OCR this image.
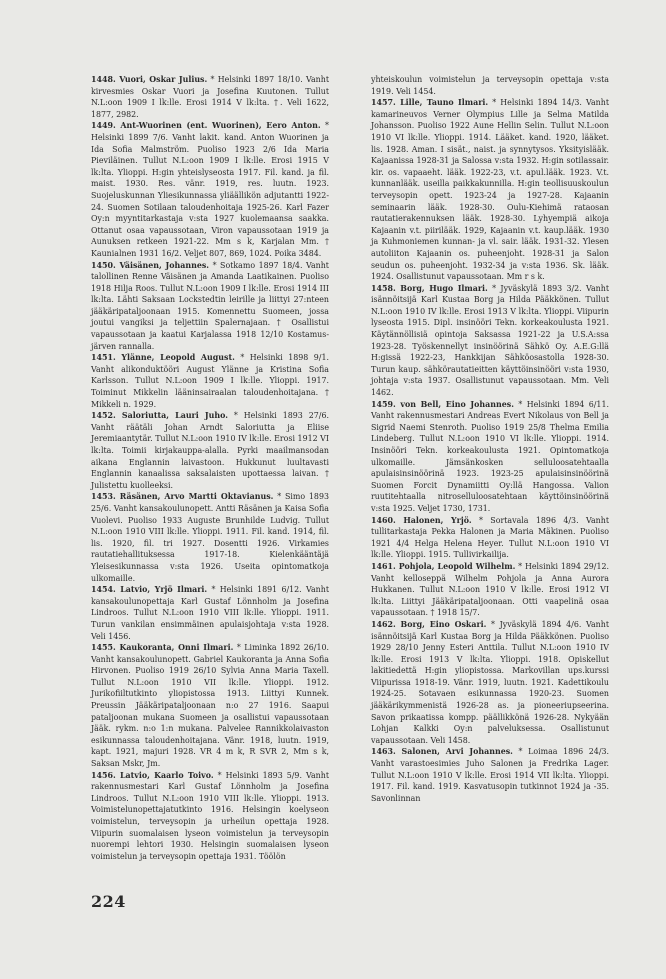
1448. Vuori, Oskar Julius. * Helsinki 1897 18/10. Vanht kirvesmies Oskar Vuori ja Josefina Kuutonen. Tullut N.L:oon 1909 I lk:lle. Erosi 1914 V lk:lta. †. Veli 1622, 1877, 2982.

1449. Ant-Wuorinen (ent. Wuorinen), Eero Anton. * Helsinki 1899 7/6. Vanht lakit. kand. Anton Wuorinen ja Ida Sofia Malmström. Puoliso 1923 2/6 Ida Maria Pieviläinen. Tullut N.L:oon 1909 I lk:lle. Erosi 1915 V lk:lta. Ylioppi. H:gin yhteislyseosta 1917. Fil. kand. ja fil. maist. 1930. Res. vänr. 1919, res. luutn. 1923. Suojeluskunnan Yliesikunnassa yliäällikön adjutantti 1922-24. Suomen Sotilaan taloudenhoitaja 1925-26. Karl Fazer Oy:n myyntitarkastaja v:sta 1927 kuolemaansa saakka. Ottanut osaa vapaussotaan, Viron vapaussotaan 1919 ja Aunuksen retkeen 1921-22. Mm s k, Karjalan Mm. † Kaunialnen 1931 16/2. Veljet 807, 869, 1024. Poika 3484.

1450. Väisänen, Johannes. * Sotkamo 1897 18/4. Vanht talollinen Renne Väisänen ja Amanda Laatikainen. Puoliso 1918 Hilja Roos. Tullut N.L:oon 1909 I lk:lle. Erosi 1914 III lk:lta. Lähti Saksaan Lockstedtin leirille ja liittyi 27:nteen jääkäripataljoonaan 1915. Komennettu Suomeen, jossa joutui vangiksi ja teljettiin Spalernajaan. † Osallistui vapaussotaan ja kaatui Karjalassa 1918 12/10 Kostamus-järven rannalla.

1451. Ylänne, Leopold August. * Helsinki 1898 9/1. Vanht alikonduktööri August Ylänne ja Kristina Sofia Karlsson. Tullut N.L:oon 1909 I lk:lle. Ylioppi. 1917. Toiminut Mikkelin lääninsairaalan taloudenhoitajana. † Mikkeli n. 1929.

1452. Saloriutta, Lauri Juho. * Helsinki 1893 27/6. Vanht räätäli Johan Arndt Saloriutta ja Eliise Jeremiaantytär. Tullut N.L:oon 1910 IV lk:lle. Erosi 1912 VI lk:lta. Toimii kirjakauppa-alalla. Pyrki maailmansodan aikana Englannin laivastoon. Hukkunut luultavasti Englannin kanaalissa saksalaisten upottaessa laivan. † Julistettu kuolleeksi.

1453. Räsänen, Arvo Martti Oktavianus. * Simo 1893 25/6. Vanht kansakoulunopett. Antti Räsänen ja Kaisa Sofia Vuolevi. Puoliso 1933 Auguste Brunhilde Ludvig. Tullut N.L:oon 1910 VIII lk:lle. Ylioppi. 1911. Fil. kand. 1914, fil. lis. 1920, fil. tri 1927. Dosentti 1926. Virkamies rautatiehallituksessa 1917-18. Kielenkääntäjä Yleisesikunnassa v:sta 1926. Useita opintomatkoja ulkomaille.

1454. Latvio, Yrjö Ilmari. * Helsinki 1891 6/12. Vanht kansakoulunopettaja Karl Gustaf Lönnholm ja Josefina Lindroos. Tullut N.L:oon 1910 VIII lk:lle. Ylioppi. 1911. Turun vankilan ensimmäinen apulaisjohtaja v:sta 1928. Veli 1456.

1455. Kaukoranta, Onni Ilmari. * Liminka 1892 26/10. Vanht kansakoulunopett. Gabriel Kaukoranta ja Anna Sofia Hirvonen. Puoliso 1919 26/10 Sylvia Anna Maria Taxell. Tullut N.L:oon 1910 VII lk:lle. Ylioppi. 1912. Jurikofiiltutkinto yliopistossa 1913. Liittyi Kunnek. Preussin Jääkäripataljoonaan n:o 27 1916. Saapui pataljoonan mukana Suomeen ja osallistui vapaussotaan Jääk. rykm. n:o 1:n mukana. Palvelee Rannikkolaivaston esikunnassa taloudenhoitajana. Vänr. 1918, luutn. 1919, kapt. 1921, majuri 1928. VR 4 m k, R SVR 2, Mm s k, Saksan Mskr, Jm.

1456. Latvio, Kaarlo Toivo. * Helsinki 1893 5/9. Vanht rakennusmestari Karl Gustaf Lönnholm ja Josefina Lindroos. Tullut N.L:oon 1910 VIII lk:lle. Ylioppi. 1913. Voimistelunopettajatutkinto 1916. Helsingin koelyseon voimistelun, terveysopin ja urheilun opettaja 1928. Viipurin suomalaisen lyseon voimistelun ja terveysopin nuorempi lehtori 1930. Helsingin suomalaisen lyseon voimistelun ja terveysopin opettaja 1931. Töölön

yhteiskoulun voimistelun ja terveysopin opettaja v:sta 1919. Veli 1454.

1457. Lille, Tauno Ilmari. * Helsinki 1894 14/3. Vanht kamarineuvos Verner Olympius Lille ja Selma Matilda Johansson. Puoliso 1922 Aune Hellin Selin. Tullut N.L:oon 1910 VI lk:lle. Ylioppi. 1914. Lääket. kand. 1920, lääket. lis. 1928. Aman. I sisät., naist. ja synnytysos. Yksityislääk. Kajaanissa 1928-31 ja Salossa v:sta 1932. H:gin sotilassair. kir. os. vapaaeht. lääk. 1922-23, v.t. apul.lääk. 1923. V.t. kunnanlääk. useilla paikkakunnilla. H:gin teollisuuskoulun terveysopin opett. 1923-24 ja 1927-28. Kajaanin seminaarin lääk. 1928-30. Oulu-Kiehimä rataosan rautatierakennuksen lääk. 1928-30. Lyhyempiä aikoja Kajaanin v.t. piirilääk. 1929, Kajaanin v.t. kaup.lääk. 1930 ja Kuhmoniemen kunnan- ja vl. sair. lääk. 1931-32. Ylesen autoliiton Kajaanin os. puheenjoht. 1928-31 ja Salon seudun os. puheenjoht. 1932-34 ja v:sta 1936. Sk. lääk. 1924. Osallistunut vapaussotaan. Mm r s k.

1458. Borg, Hugo Ilmari. * Jyväskylä 1893 3/2. Vanht isännöitsijä Karl Kustaa Borg ja Hilda Pääkkönen. Tullut N.L:oon 1910 IV lk:lle. Erosi 1913 V lk:lta. Ylioppi. Viipurin lyseosta 1915. Dipl. insinööri Tekn. korkeakoulusta 1921. Käytännöllisiä opintoja Saksassa 1921-22 ja U.S.A:ssa 1923-28. Työskennellyt insinöörinä Sähkö Oy. A.E.G:llä H:gissä 1922-23, Hankkijan Sähköosastolla 1928-30. Turun kaup. sähkörautatieitten käyttöinsinööri v:sta 1930, johtaja v:sta 1937. Osallistunut vapaussotaan. Mm. Veli 1462.

1459. von Bell, Eino Johannes. * Helsinki 1894 6/11. Vanht rakennusmestari Andreas Evert Nikolaus von Bell ja Sigrid Naemi Stenroth. Puoliso 1919 25/8 Thelma Emilia Lindeberg. Tullut N.L:oon 1910 VI lk:lle. Ylioppi. 1914. Insinööri Tekn. korkeakoulusta 1921. Opintomatkoja ulkomaille. Jämsänkosken selluloosatehtaalla apulaisinsinöörinä 1923. 1923-25 apulaisinsinöörinä Suomen Forcit Dynamiitti Oy:llä Hangossa. Valion ruutitehtaalla nitroselluloosatehtaan käyttöinsinöörinä v:sta 1925. Veljet 1730, 1731.

1460. Halonen, Yrjö. * Sortavala 1896 4/3. Vanht tullitarkastaja Pekka Halonen ja Maria Mäkinen. Puoliso 1921 4/4 Helga Helena Heyer. Tullut N.L:oon 1910 VI lk:lle. Ylioppi. 1915. Tullivirkailija.

1461. Pohjola, Leopold Wilhelm. * Helsinki 1894 29/12. Vanht kelloseppä Wilhelm Pohjola ja Anna Aurora Hukkanen. Tullut N.L:oon 1910 V lk:lle. Erosi 1912 VI lk:lta. Liittyi Jääkäripataljoonaan. Otti vaapelinä osaa vapaussotaan. † 1918 15/7.

1462. Borg, Eino Oskari. * Jyväskylä 1894 4/6. Vanht isännöitsijä Karl Kustaa Borg ja Hilda Pääkkönen. Puoliso 1929 28/10 Jenny Esteri Anttila. Tullut N.L:oon 1910 IV lk:lle. Erosi 1913 V lk:lta. Ylioppi. 1918. Opiskellut lakitiedettä H:gin yliopistossa. Markovillan ups.kurssi Viipurissa 1918-19. Vänr. 1919, luutn. 1921. Kadettikoulu 1924-25. Sotavaen esikunnassa 1920-23. Suomen jääkärikymmenistä 1926-28 as. ja pioneeriupseerina. Savon prikaatissa kompp. päällikkönä 1926-28. Nykyään Lohjan Kalkki Oy:n palveluksessa. Osallistunut vapaussotaan. Veli 1458.

1463. Salonen, Arvi Johannes. * Loimaa 1896 24/3. Vanht varastoesimies Juho Salonen ja Fredrika Lager. Tullut N.L:oon 1910 V lk:lle. Erosi 1914 VII lk:lta. Ylioppi. 1917. Fil. kand. 1919. Kasvatusopin tutkinnot 1924 ja -35. Savonlinnan

224
